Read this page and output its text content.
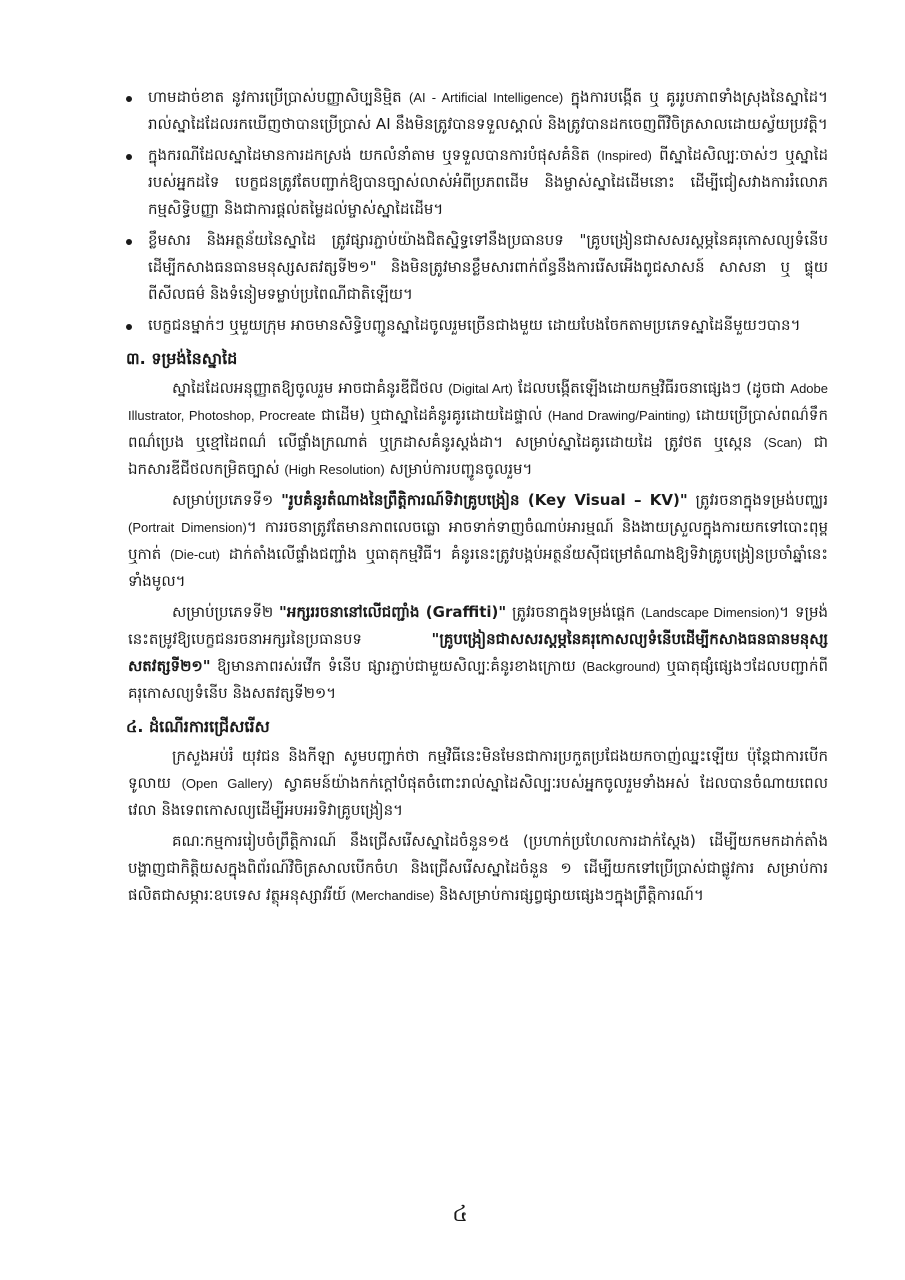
ហាមដាច់ខាត នូវការប្រើប្រាស់បញ្ញាសិប្បនិម្មិត (AI - Artificial Intelligence) ក្នុងការបង្កើត ឬ គូររូបភាពទាំងស្រុងនៃស្នាដៃ។ រាល់ស្នាដៃដែលរកឃើញថាបានប្រើប្រាស់ AI នឹងមិនត្រូវបានទទួលស្គាល់ និងត្រូវបានដកចេញពីវិចិត្រសាលដោយស្វ័យប្រវត្តិ។
ក្នុងករណីដែលស្នាដៃមានការដកស្រង់ យកលំនាំតាម ឬទទួលបានការបំផុសគំនិត (Inspired) ពីស្នាដៃសិល្បៈចាស់ៗ ឬស្នាដៃរបស់អ្នកដទៃ បេក្ខជនត្រូវតែបញ្ជាក់ឱ្យបានច្បាស់លាស់អំពីប្រភពដើម និងម្ចាស់ស្នាដៃដើមនោះ ដើម្បីជៀសវាងការរំលោភកម្មសិទ្ធិបញ្ញា និងជាការផ្តល់តម្លៃដល់ម្ចាស់ស្នាដៃដើម។
ខ្លឹមសារ និងអត្ថន័យនៃស្នាដៃ ត្រូវផ្សារភ្ជាប់យ៉ាងជិតស្និទ្ធទៅនឹងប្រធានបទ "គ្រូបង្រៀនជាសសរស្តម្ភនៃគរុកោសល្យទំនើប ដើម្បីកសាងធនធានមនុស្សសតវត្សទី២១" និងមិនត្រូវមានខ្លឹមសារពាក់ព័ន្ធនឹងការរើសអើងពូជសាសន៍ សាសនា ឬ ផ្ទុយពីសីលធម៌ និងទំនៀមទម្លាប់ប្រពៃណីជាតិឡើយ។
បេក្ខជនម្នាក់ៗ ឬមួយក្រុម អាចមានសិទ្ធិបញ្ជូនស្នាដៃចូលរួមច្រើនជាងមួយ ដោយបែងចែកតាមប្រភេទស្នាដៃនីមួយៗបាន។
៣. ទម្រង់នៃស្នាដៃ

ស្នាដៃដែលអនុញ្ញាតឱ្យចូលរួម អាចជាគំនូរឌីជីថល (Digital Art) ដែលបង្កើតឡើងដោយកម្មវិធីរចនាផ្សេងៗ (ដូចជា Adobe Illustrator, Photoshop, Procreate ជាដើម) ឬជាស្នាដៃគំនូរគូរដោយដៃផ្ទាល់ (Hand Drawing/Painting) ដោយប្រើប្រាស់ពណ៌ទឹក ពណ៌ប្រេង ឬខ្មៅដៃពណ៌ លើផ្ទាំងក្រណាត់ ឬក្រដាសគំនូរស្តង់ដា។ សម្រាប់ស្នាដៃគូរដោយដៃ ត្រូវថត ឬស្កេន (Scan) ជាឯកសារឌីជីថលកម្រិតច្បាស់ (High Resolution) សម្រាប់ការបញ្ជូនចូលរួម។

សម្រាប់ប្រភេទទី១ "រូបគំនូរតំណាងនៃព្រឹត្តិការណ៍ទិវាគ្រូបង្រៀន (Key Visual – KV)" ត្រូវរចនាក្នុងទម្រង់បញ្ឈរ (Portrait Dimension)។ ការរចនាត្រូវតែមានភាពលេចធ្លោ អាចទាក់ទាញចំណាប់អារម្មណ៍ និងងាយស្រួលក្នុងការយកទៅបោះពុម្ព ឬកាត់ (Die-cut) ដាក់តាំងលើផ្ទាំងជញ្ជាំង ឬធាតុកម្មវិធី។ គំនូរនេះត្រូវបង្កប់អត្ថន័យស៊ីជម្រៅតំណាងឱ្យទិវាគ្រូបង្រៀនប្រចាំឆ្នាំនេះទាំងមូល។

សម្រាប់ប្រភេទទី២ "អក្សររចនានៅលើជញ្ជាំង (Graffiti)" ត្រូវរចនាក្នុងទម្រង់ផ្តេក (Landscape Dimension)។ ទម្រង់នេះតម្រូវឱ្យបេក្ខជនរចនាអក្សរនៃប្រធានបទ "គ្រូបង្រៀនជាសសរស្តម្ភនៃគរុកោសល្យទំនើបដើម្បីកសាងធនធានមនុស្សសតវត្សទី២១" ឱ្យមានភាពរស់រវើក ទំនើប ផ្សារភ្ជាប់ជាមួយសិល្បៈគំនូរខាងក្រោយ (Background) ឬធាតុផ្សំផ្សេងៗដែលបញ្ជាក់ពីគរុកោសល្យទំនើប និងសតវត្សទី២១។

៤. ដំណើរការជ្រើសរើស

ក្រសួងអប់រំ យុវជន និងកីឡា សូមបញ្ជាក់ថា កម្មវិធីនេះមិនមែនជាការប្រកួតប្រជែងយកចាញ់ឈ្នះឡើយ ប៉ុន្តែជាការបើកទូលាយ (Open Gallery) ស្វាគមន៍យ៉ាងកក់ក្តៅបំផុតចំពោះរាល់ស្នាដៃសិល្បៈរបស់អ្នកចូលរួមទាំងអស់ ដែលបានចំណាយពេលវេលា និងទេពកោសល្យដើម្បីអបអរទិវាគ្រូបង្រៀន។

គណៈកម្មការរៀបចំព្រឹត្តិការណ៍ នឹងជ្រើសរើសស្នាដៃចំនួន១៥ (ប្រហាក់ប្រហែលការដាក់ស្តែង) ដើម្បីយកមកដាក់តាំងបង្ហាញជាកិត្តិយសក្នុងពិព័រណ៍វិចិត្រសាលបើកចំហ និងជ្រើសរើសស្នាដៃចំនួន ១ ដើម្បីយកទៅប្រើប្រាស់ជាផ្លូវការ សម្រាប់ការផលិតជាសម្ភារៈឧបទេស វត្ថុអនុស្សាវរីយ៍ (Merchandise) និងសម្រាប់ការផ្សព្វផ្សាយផ្សេងៗក្នុងព្រឹត្តិការណ៍។

៤
